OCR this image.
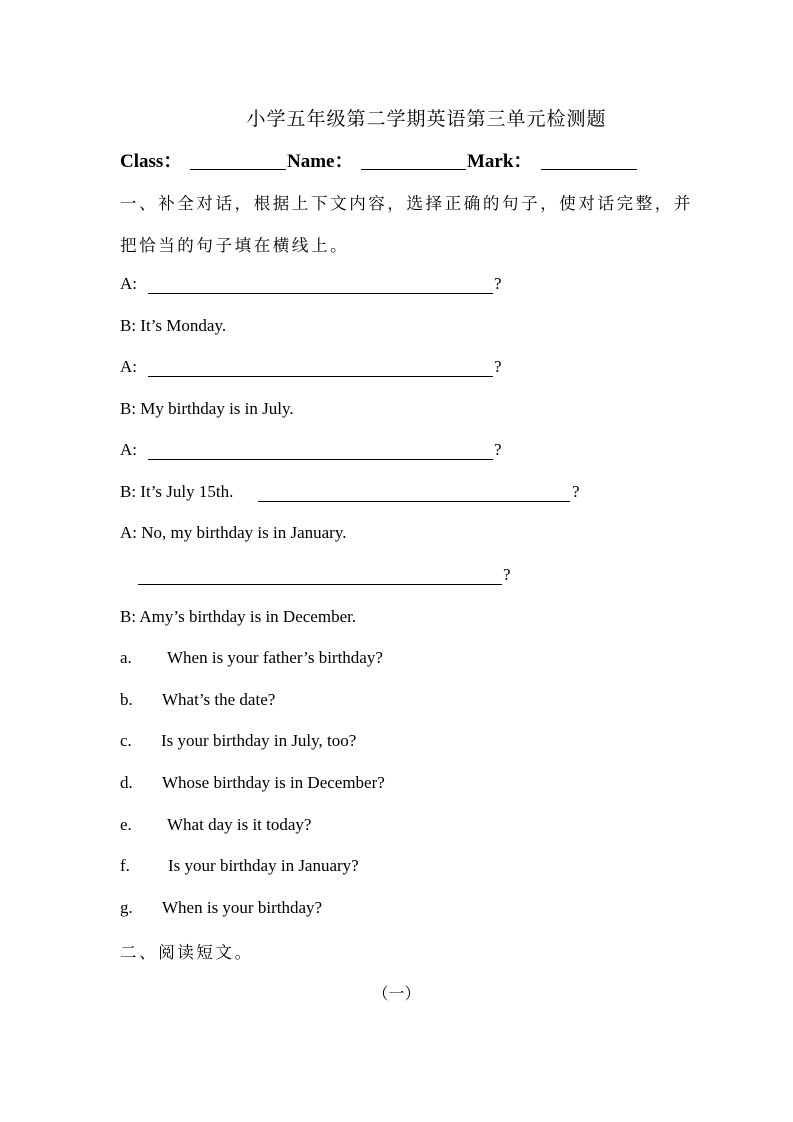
小学五年级第二学期英语第三单元检测题
Class：	Name：	Mark：
一、补全对话，根据上下文内容，选择正确的句子，使对话完整，并
把恰当的句子填在横线上。
A:	?
B: It’s Monday.
A:	?
B: My birthday is in July.
A:	?
B: It’s July 15th.	?
A: No, my birthday is in January.
?
B: Amy’s birthday is in December.
a. When is your father’s birthday?
b. What’s the date?
c. Is your birthday in July, too?
d. Whose birthday is in December?
e. What day is it today?
f. Is your birthday in January?
g. When is your birthday?
二、阅读短文。
（一）
